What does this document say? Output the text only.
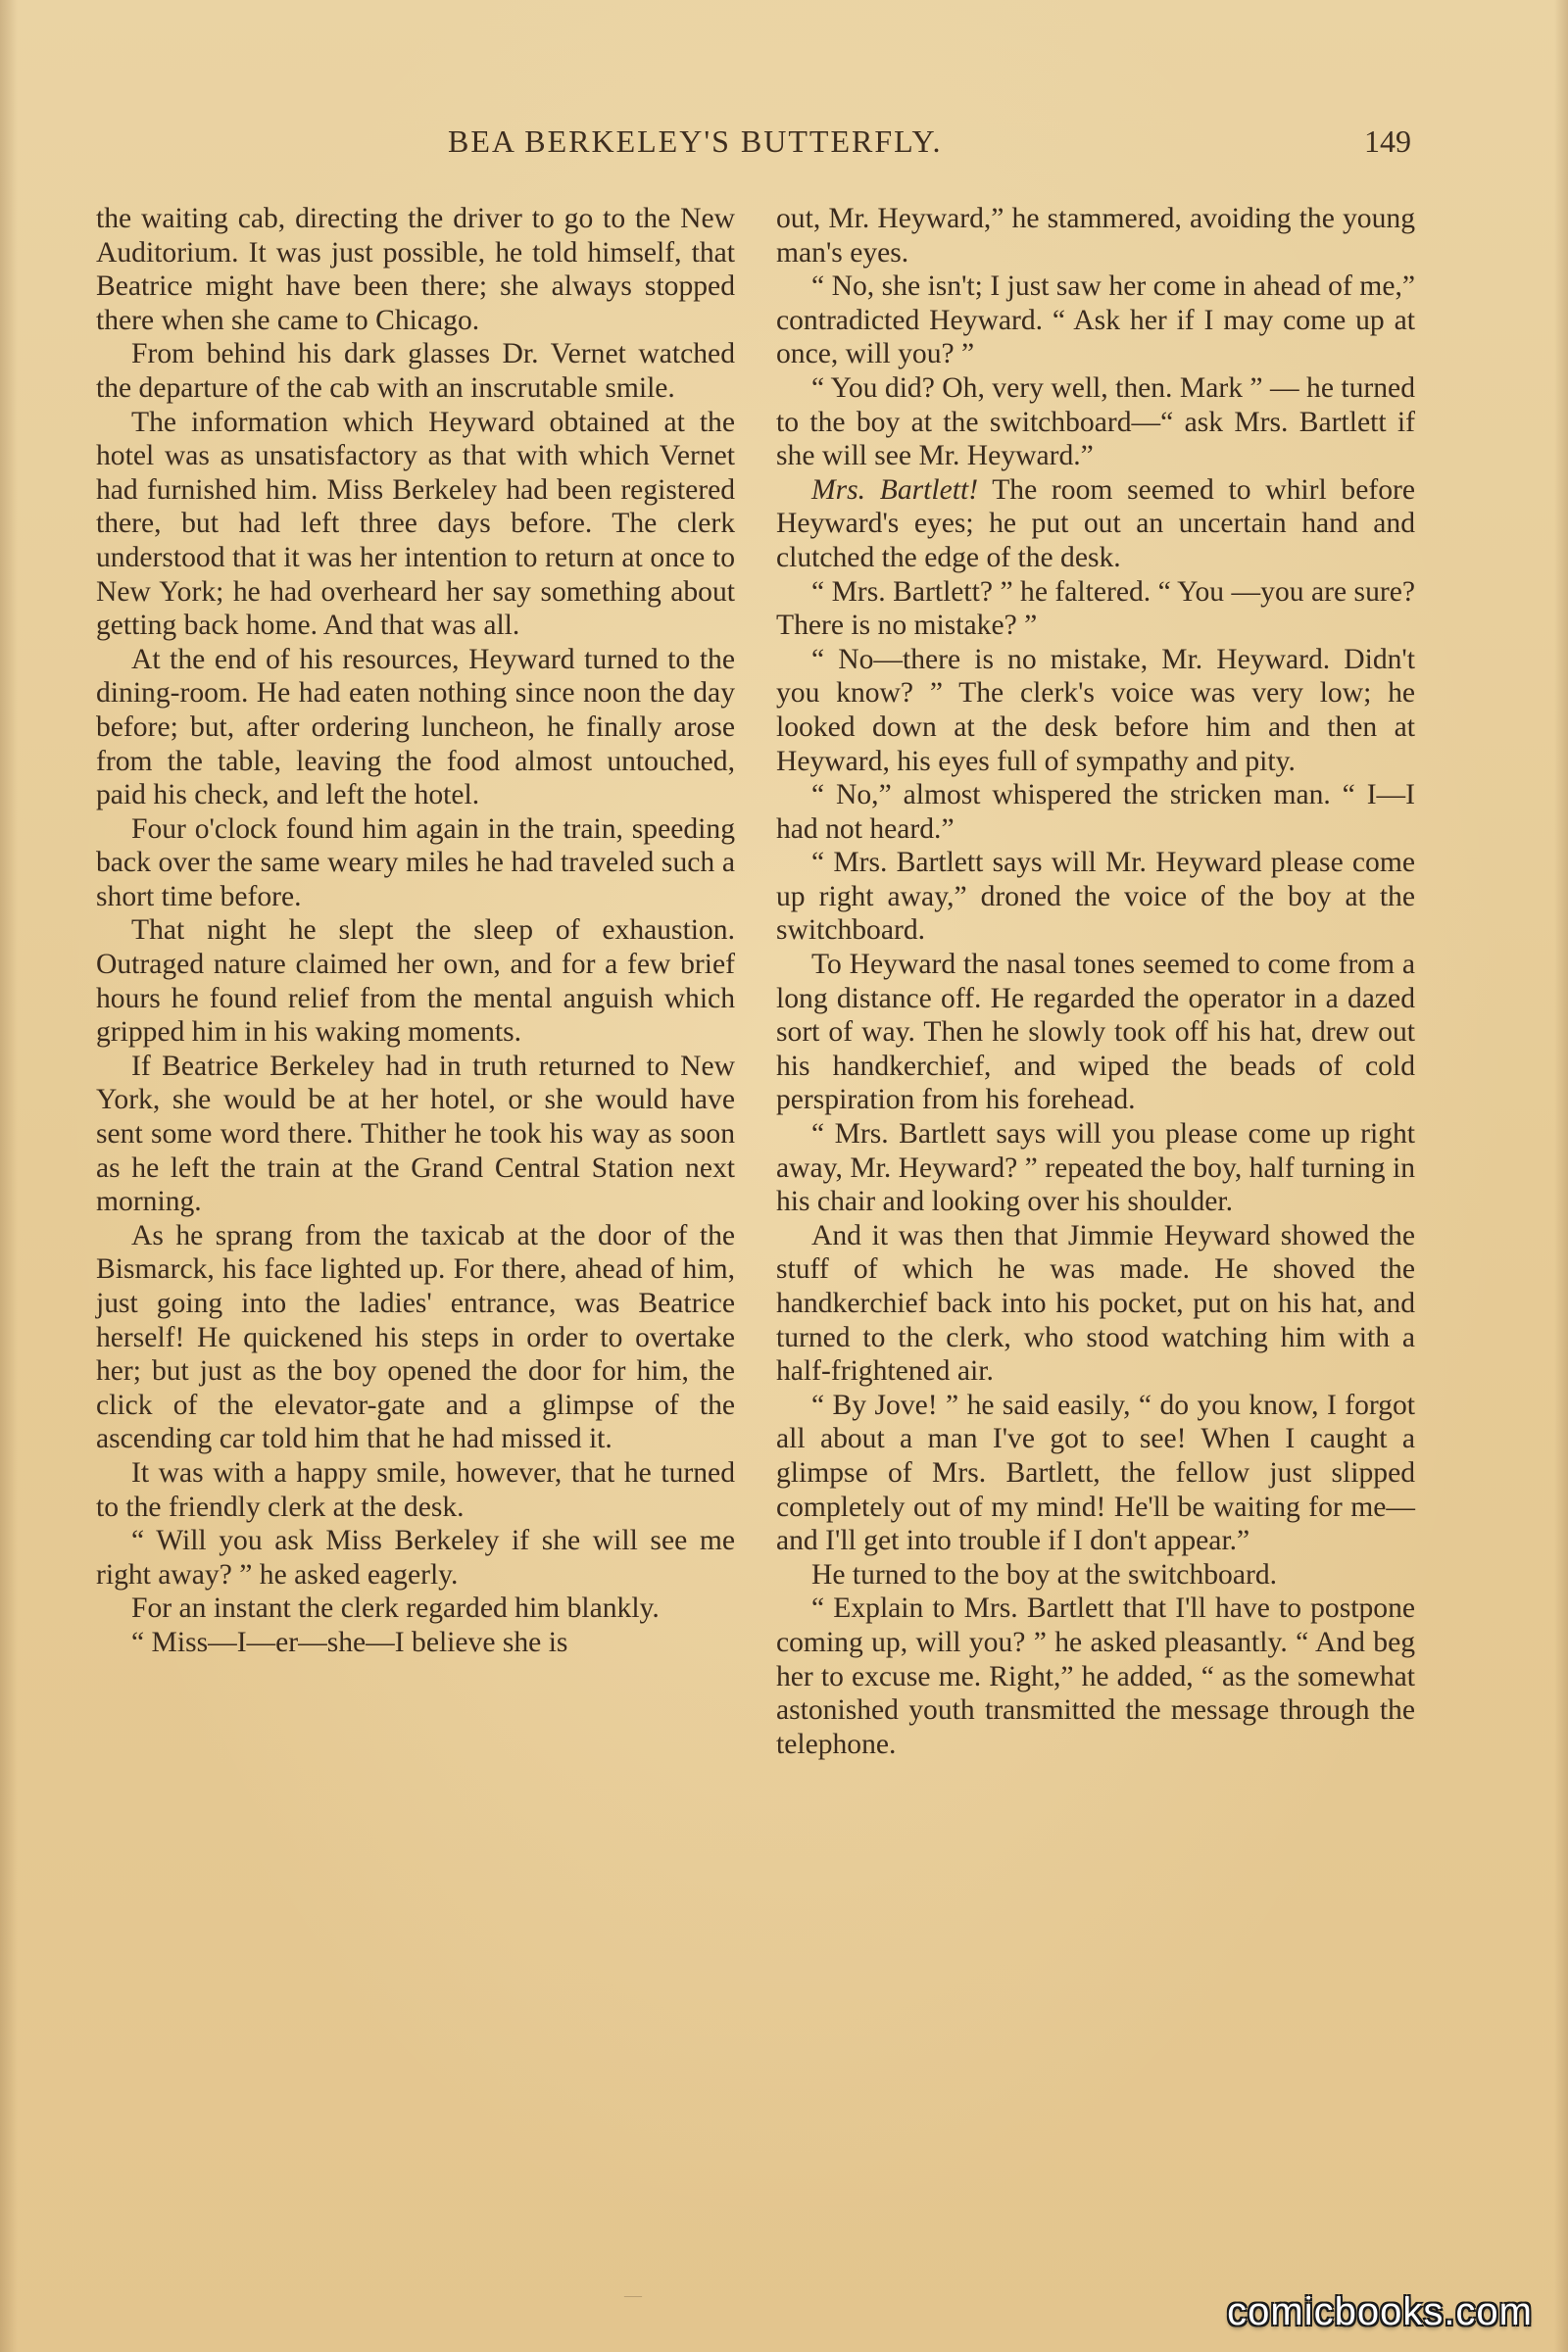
BEA BERKELEY'S BUTTERFLY.	149

the waiting cab, directing the driver to go to the New Auditorium. It was just possible, he told himself, that Beatrice might have been there; she always stopped there when she came to Chicago.

From behind his dark glasses Dr. Vernet watched the departure of the cab with an inscrutable smile.

The information which Heyward obtained at the hotel was as unsatisfactory as that with which Vernet had furnished him. Miss Berkeley had been registered there, but had left three days before. The clerk understood that it was her intention to return at once to New York; he had overheard her say something about getting back home. And that was all.

At the end of his resources, Heyward turned to the dining-room. He had eaten nothing since noon the day before; but, after ordering luncheon, he finally arose from the table, leaving the food almost untouched, paid his check, and left the hotel.

Four o'clock found him again in the train, speeding back over the same weary miles he had traveled such a short time before.

That night he slept the sleep of exhaustion. Outraged nature claimed her own, and for a few brief hours he found relief from the mental anguish which gripped him in his waking moments.

If Beatrice Berkeley had in truth returned to New York, she would be at her hotel, or she would have sent some word there. Thither he took his way as soon as he left the train at the Grand Central Station next morning.

As he sprang from the taxicab at the door of the Bismarck, his face lighted up. For there, ahead of him, just going into the ladies' entrance, was Beatrice herself! He quickened his steps in order to overtake her; but just as the boy opened the door for him, the click of the elevator-gate and a glimpse of the ascending car told him that he had missed it.

It was with a happy smile, however, that he turned to the friendly clerk at the desk.

“ Will you ask Miss Berkeley if she will see me right away? ” he asked eagerly.

For an instant the clerk regarded him blankly.

“ Miss—I—er—she—I believe she is

out, Mr. Heyward,” he stammered, avoiding the young man's eyes.

“ No, she isn't; I just saw her come in ahead of me,” contradicted Heyward. “ Ask her if I may come up at once, will you? ”

“ You did? Oh, very well, then. Mark ” — he turned to the boy at the switchboard—“ ask Mrs. Bartlett if she will see Mr. Heyward.”

Mrs. Bartlett! The room seemed to whirl before Heyward's eyes; he put out an uncertain hand and clutched the edge of the desk.

“ Mrs. Bartlett? ” he faltered. “ You —you are sure? There is no mistake? ”

“ No—there is no mistake, Mr. Heyward. Didn't you know? ” The clerk's voice was very low; he looked down at the desk before him and then at Heyward, his eyes full of sympathy and pity.

“ No,” almost whispered the stricken man. “ I—I had not heard.”

“ Mrs. Bartlett says will Mr. Heyward please come up right away,” droned the voice of the boy at the switchboard.

To Heyward the nasal tones seemed to come from a long distance off. He regarded the operator in a dazed sort of way. Then he slowly took off his hat, drew out his handkerchief, and wiped the beads of cold perspiration from his forehead.

“ Mrs. Bartlett says will you please come up right away, Mr. Heyward? ” repeated the boy, half turning in his chair and looking over his shoulder.

And it was then that Jimmie Heyward showed the stuff of which he was made. He shoved the handkerchief back into his pocket, put on his hat, and turned to the clerk, who stood watching him with a half-frightened air.

“ By Jove! ” he said easily, “ do you know, I forgot all about a man I've got to see! When I caught a glimpse of Mrs. Bartlett, the fellow just slipped completely out of my mind! He'll be waiting for me—and I'll get into trouble if I don't appear.”

He turned to the boy at the switchboard.

“ Explain to Mrs. Bartlett that I'll have to postpone coming up, will you? ” he asked pleasantly. “ And beg her to excuse me. Right,” he added, “ as the somewhat astonished youth transmitted the message through the telephone.

—	comicbooks.com
